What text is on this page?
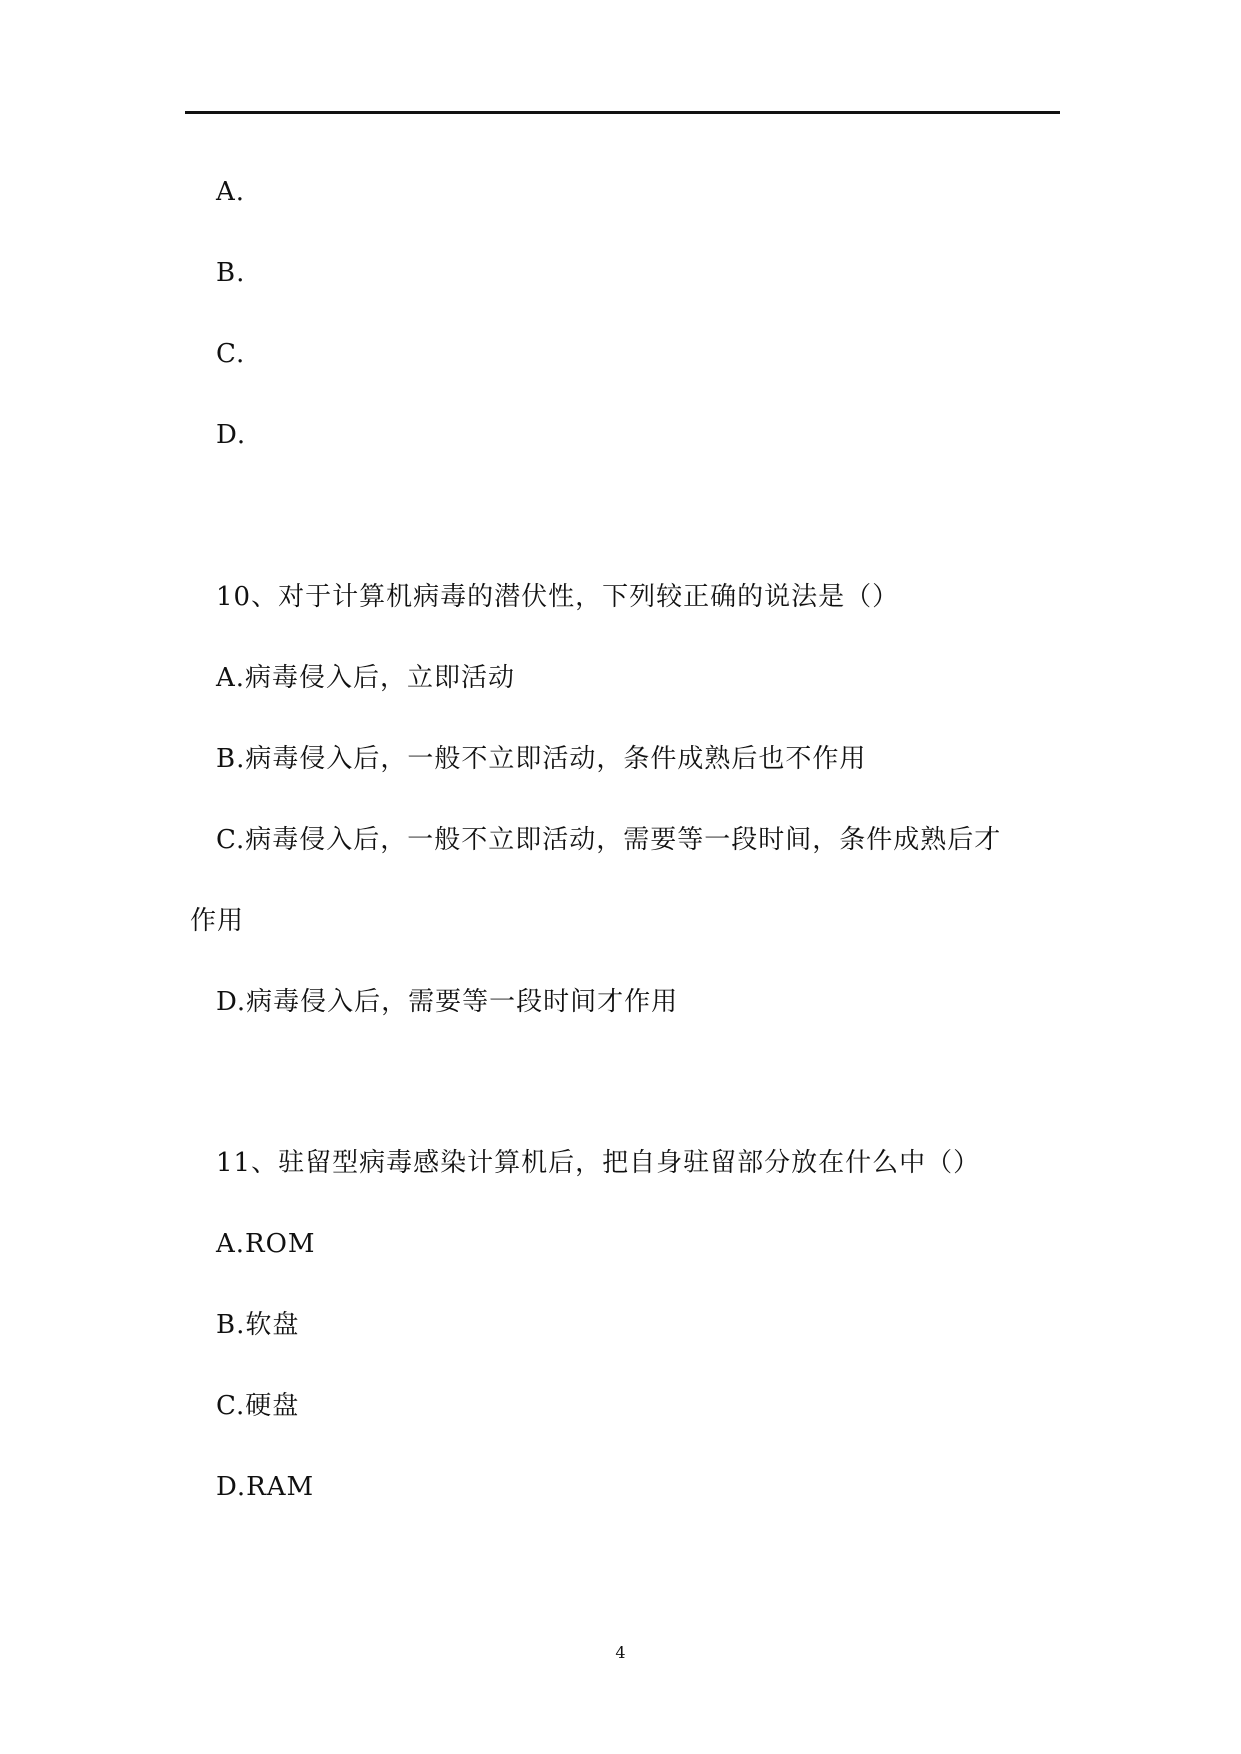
A.
B.
C.
D.
10、对于计算机病毒的潜伏性，下列较正确的说法是（）
A.病毒侵入后，立即活动
B.病毒侵入后，一般不立即活动，条件成熟后也不作用
C.病毒侵入后，一般不立即活动，需要等一段时间，条件成熟后才
作用
D.病毒侵入后，需要等一段时间才作用
11、驻留型病毒感染计算机后，把自身驻留部分放在什么中（）
A.ROM
B.软盘
C.硬盘
D.RAM
4
